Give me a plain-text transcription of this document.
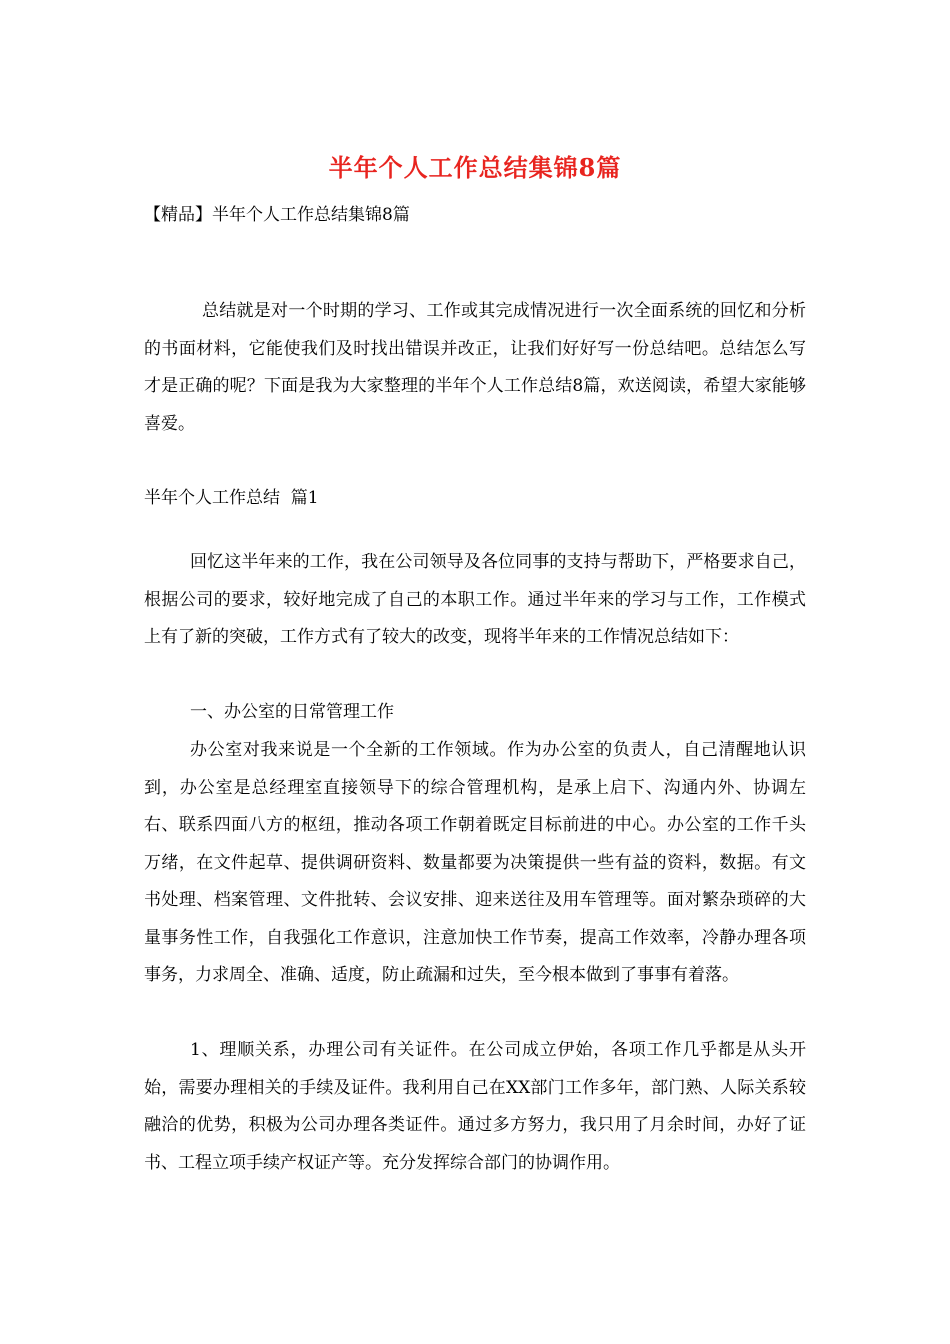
半年个人工作总结集锦8篇
【精品】半年个人工作总结集锦8篇

总结就是对一个时期的学习、工作或其完成情况进行一次全面系统的回忆和分析的书面材料，它能使我们及时找出错误并改正，让我们好好写一份总结吧。总结怎么写才是正确的呢？下面是我为大家整理的半年个人工作总结8篇，欢送阅读，希望大家能够喜爱。

半年个人工作总结  篇1

回忆这半年来的工作，我在公司领导及各位同事的支持与帮助下，严格要求自己，根据公司的要求，较好地完成了自己的本职工作。通过半年来的学习与工作，工作模式上有了新的突破，工作方式有了较大的改变，现将半年来的工作情况总结如下：

一、办公室的日常管理工作

办公室对我来说是一个全新的工作领域。作为办公室的负责人，自己清醒地认识到，办公室是总经理室直接领导下的综合管理机构，是承上启下、沟通内外、协调左右、联系四面八方的枢纽，推动各项工作朝着既定目标前进的中心。办公室的工作千头万绪，在文件起草、提供调研资料、数量都要为决策提供一些有益的资料，数据。有文书处理、档案管理、文件批转、会议安排、迎来送往及用车管理等。面对繁杂琐碎的大量事务性工作，自我强化工作意识，注意加快工作节奏，提高工作效率，冷静办理各项事务，力求周全、准确、适度，防止疏漏和过失，至今根本做到了事事有着落。

1、理顺关系，办理公司有关证件。在公司成立伊始，各项工作几乎都是从头开始，需要办理相关的手续及证件。我利用自己在XX部门工作多年，部门熟、人际关系较融洽的优势，积极为公司办理各类证件。通过多方努力，我只用了月余时间，办好了证书、工程立项手续产权证产等。充分发挥综合部门的协调作用。
